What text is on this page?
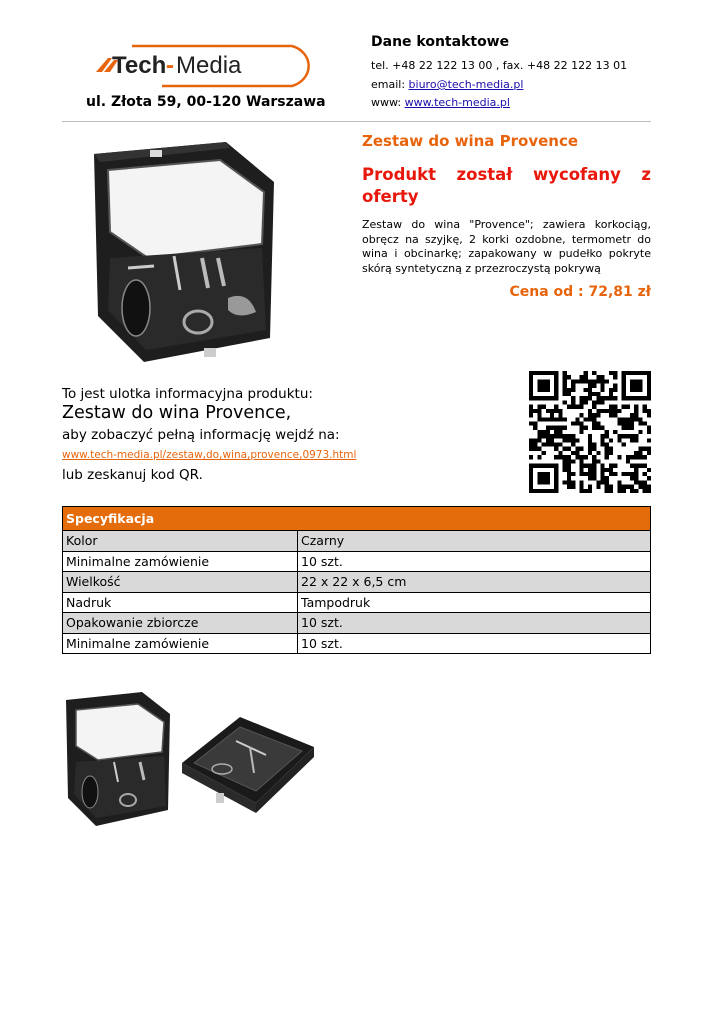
Tech - Media
ul. Złota 59, 00-120 Warszawa
Dane kontaktowe
tel. +48 22 122 13 00 , fax. +48 22 122 13 01
email: biuro@tech-media.pl
www: www.tech-media.pl
Zestaw do wina Provence
Produkt został wycofany z
oferty
Zestaw do wina "Provence"; zawiera korkociąg, obręcz na szyjkę, 2 korki ozdobne, termometr do wina i obcinarkę; zapakowany w pudełko pokryte skórą syntetyczną z przezroczystą pokrywą
Cena od : 72,81 zł
To jest ulotka informacyjna produktu:
Zestaw do wina Provence,
aby zobaczyć pełną informację wejdź na:
www.tech-media.pl/zestaw,do,wina,provence,0973.html
lub zeskanuj kod QR.
Specyfikacja	
Kolor	Czarny
Minimalne zamówienie	10 szt.
Wielkość	22 x 22 x 6,5 cm
Nadruk	Tampodruk
Opakowanie zbiorcze	10 szt.
Minimalne zamówienie	10 szt.
